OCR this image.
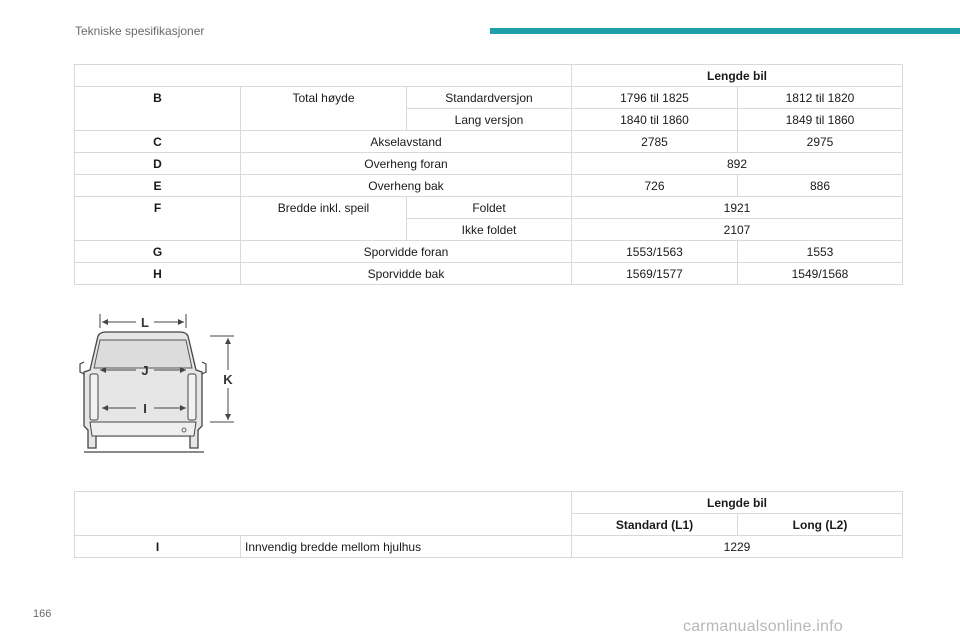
Tekniske spesifikasjoner
			Lengde bil	
B	Total høyde	Standardversjon	1796 til 1825	1812 til 1820
		Lang versjon	1840 til 1860	1849 til 1860
C	Akselavstand		2785	2975
D	Overheng foran		892	
E	Overheng bak		726	886
F	Bredde inkl. speil	Foldet	1921	
		Ikke foldet	2107	
G	Sporvidde foran		1553/1563	1553
H	Sporvidde bak		1569/1577	1549/1568
L
J
I
K
		Lengde bil	
		Standard (L1)	Long (L2)
I	Innvendig bredde mellom hjulhus	1229	
166
carmanualsonline.info
